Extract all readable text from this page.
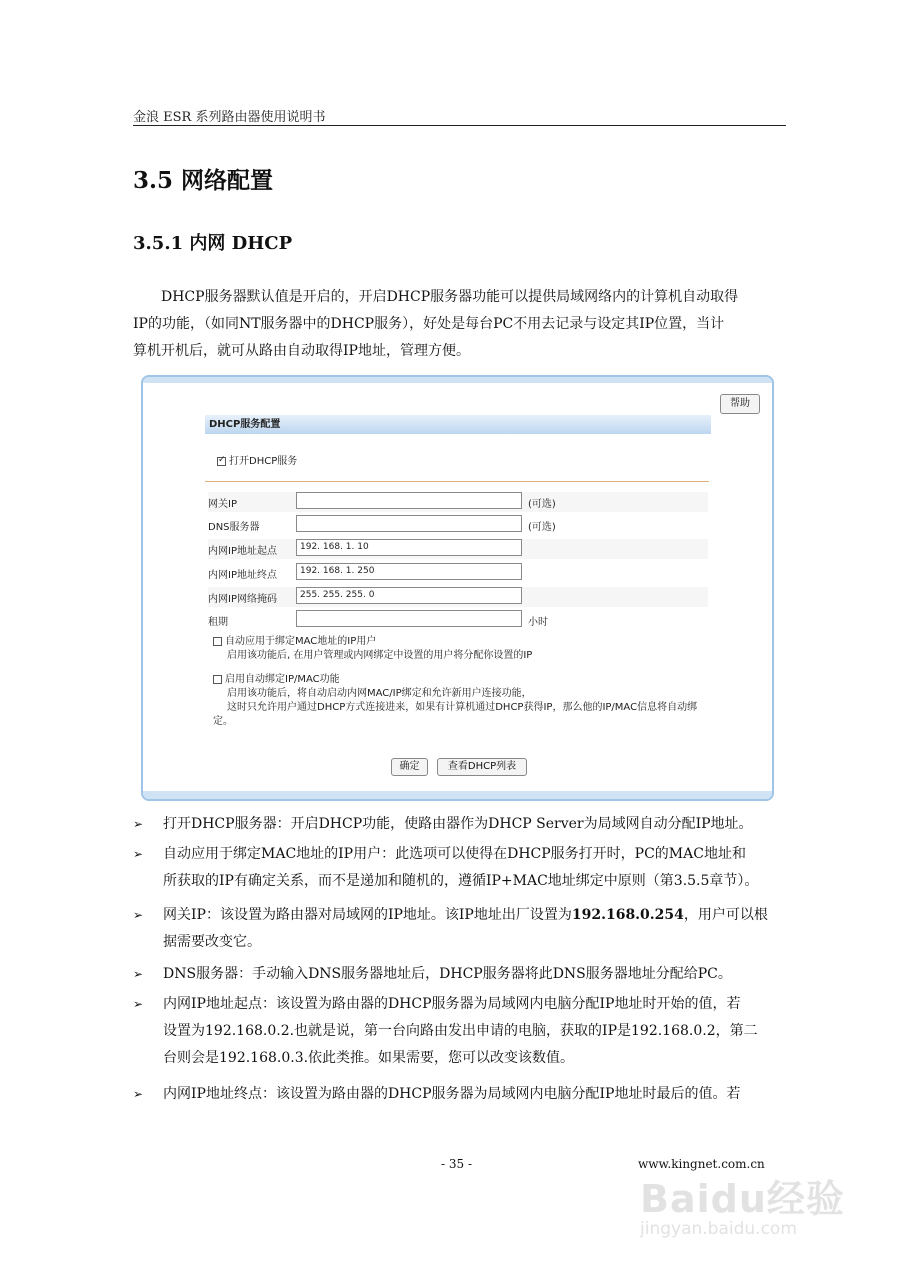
金浪 ESR 系列路由器使用说明书
3.5 网络配置
3.5.1 内网 DHCP

DHCP服务器默认值是开启的，开启DHCP服务器功能可以提供局域网络内的计算机自动取得

IP的功能，（如同NT服务器中的DHCP服务），好处是每台PC不用去记录与设定其IP位置，当计

算机开机后，就可从路由自动取得IP地址，管理方便。

帮助
DHCP服务配置
✓打开DHCP服务
网关IP	(可选)
DNS服务器	(可选)
内网IP地址起点	192. 168. 1. 10
内网IP地址终点	192. 168. 1. 250
内网IP网络掩码	255. 255. 255. 0
租期	小时
自动应用于绑定MAC地址的IP用户
启用该功能后, 在用户管理或内网绑定中设置的用户将分配你设置的IP
启用自动绑定IP/MAC功能
启用该功能后，将自动启动内网MAC/IP绑定和允许新用户连接功能，
这时只允许用户通过DHCP方式连接进来，如果有计算机通过DHCP获得IP，那么他的IP/MAC信息将自动绑
定。
确定	查看DHCP列表
➢ 打开DHCP服务器：开启DHCP功能，使路由器作为DHCP Server为局域网自动分配IP地址。
➢ 自动应用于绑定MAC地址的IP用户：此选项可以使得在DHCP服务打开时，PC的MAC地址和
所获取的IP有确定关系，而不是递加和随机的，遵循IP+MAC地址绑定中原则（第3.5.5章节）。
➢ 网关IP：该设置为路由器对局域网的IP地址。该IP地址出厂设置为192.168.0.254，用户可以根
据需要改变它。
➢ DNS服务器：手动输入DNS服务器地址后，DHCP服务器将此DNS服务器地址分配给PC。
➢ 内网IP地址起点：该设置为路由器的DHCP服务器为局域网内电脑分配IP地址时开始的值，若
设置为192.168.0.2.也就是说，第一台向路由发出申请的电脑，获取的IP是192.168.0.2，第二
台则会是192.168.0.3.依此类推。如果需要，您可以改变该数值。
➢ 内网IP地址终点：该设置为路由器的DHCP服务器为局域网内电脑分配IP地址时最后的值。若
- 35 -	www.kingnet.com.cn
Baidu经验
jingyan.baidu.com
